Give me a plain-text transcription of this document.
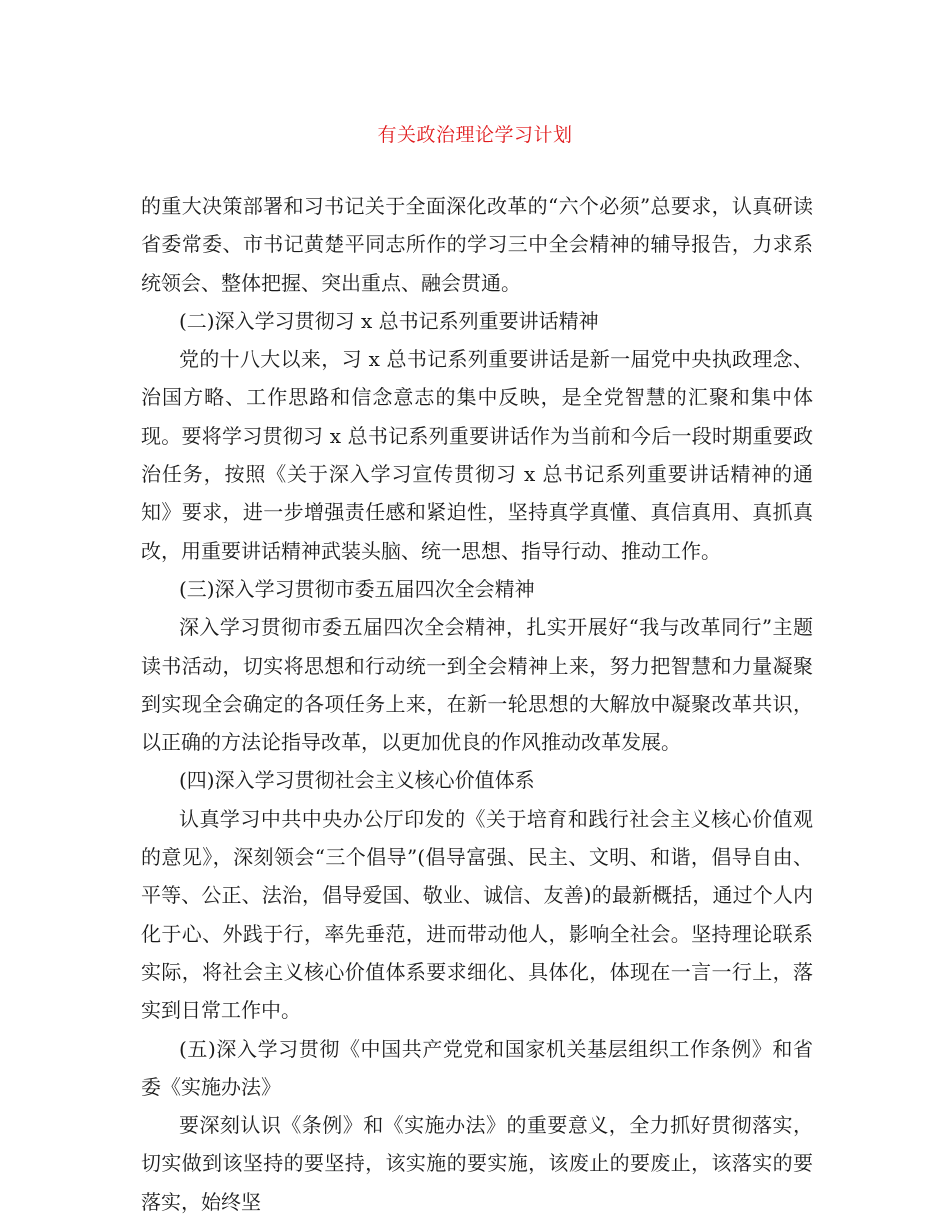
有关政治理论学习计划

的重大决策部署和习书记关于全面深化改革的“六个必须”总要求，认真研读省委常委、市书记黄楚平同志所作的学习三中全会精神的辅导报告，力求系统领会、整体把握、突出重点、融会贯通。

(二)深入学习贯彻习 x 总书记系列重要讲话精神

党的十八大以来，习 x 总书记系列重要讲话是新一届党中央执政理念、治国方略、工作思路和信念意志的集中反映，是全党智慧的汇聚和集中体现。要将学习贯彻习 x 总书记系列重要讲话作为当前和今后一段时期重要政治任务，按照《关于深入学习宣传贯彻习 x 总书记系列重要讲话精神的通知》要求，进一步增强责任感和紧迫性，坚持真学真懂、真信真用、真抓真改，用重要讲话精神武装头脑、统一思想、指导行动、推动工作。

(三)深入学习贯彻市委五届四次全会精神

深入学习贯彻市委五届四次全会精神，扎实开展好“我与改革同行”主题读书活动，切实将思想和行动统一到全会精神上来，努力把智慧和力量凝聚到实现全会确定的各项任务上来，在新一轮思想的大解放中凝聚改革共识，以正确的方法论指导改革，以更加优良的作风推动改革发展。

(四)深入学习贯彻社会主义核心价值体系

认真学习中共中央办公厅印发的《关于培育和践行社会主义核心价值观的意见》，深刻领会“三个倡导”(倡导富强、民主、文明、和谐，倡导自由、平等、公正、法治，倡导爱国、敬业、诚信、友善)的最新概括，通过个人内化于心、外践于行，率先垂范，进而带动他人，影响全社会。坚持理论联系实际，将社会主义核心价值体系要求细化、具体化，体现在一言一行上，落实到日常工作中。

(五)深入学习贯彻《中国共产党党和国家机关基层组织工作条例》和省委《实施办法》

要深刻认识《条例》和《实施办法》的重要意义，全力抓好贯彻落实，切实做到该坚持的要坚持，该实施的要实施，该废止的要废止，该落实的要落实，始终坚
